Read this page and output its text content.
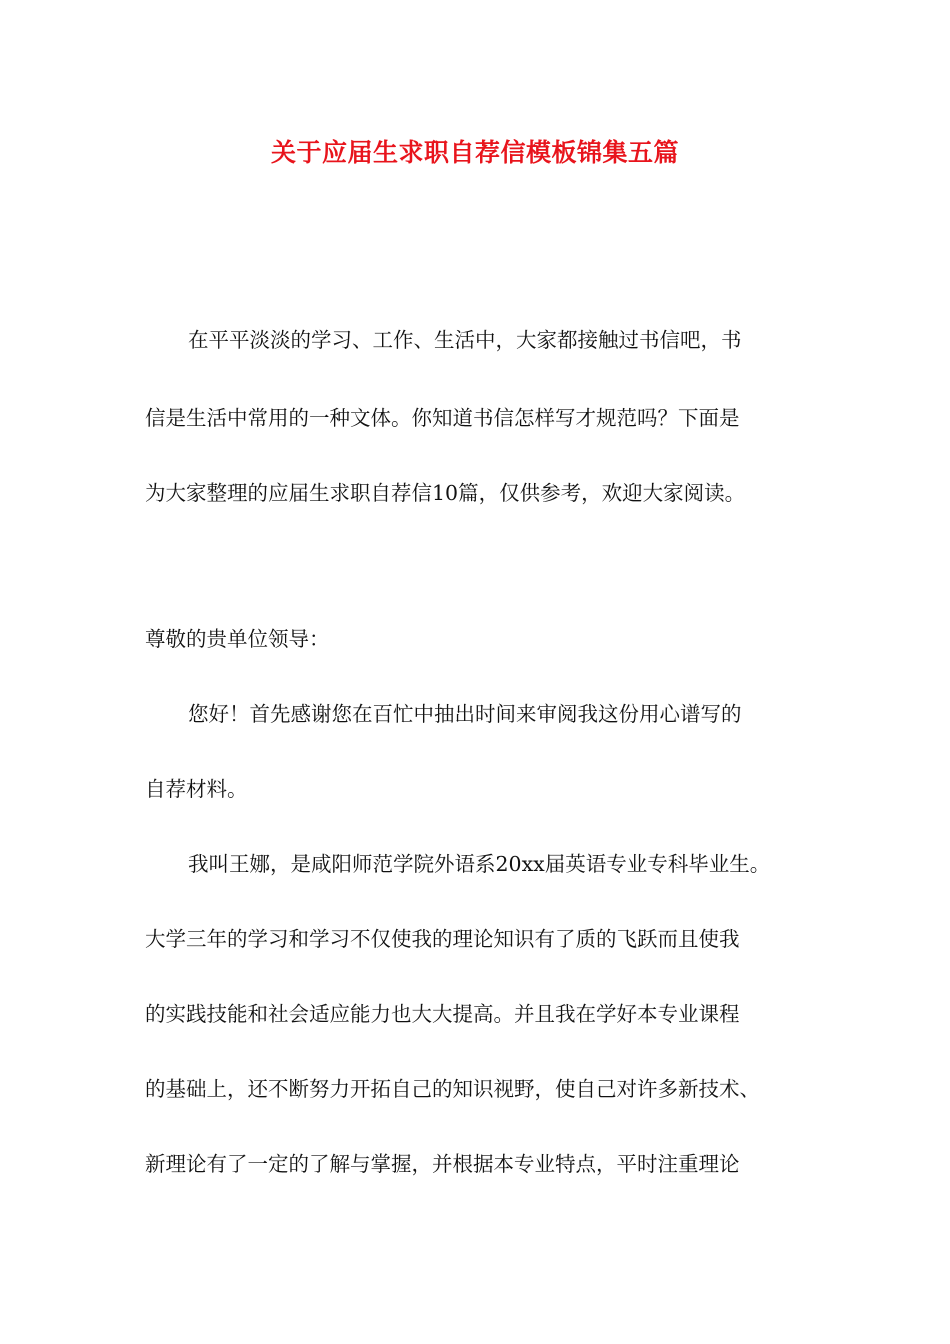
关于应届生求职自荐信模板锦集五篇
在平平淡淡的学习、工作、生活中，大家都接触过书信吧，书
信是生活中常用的一种文体。你知道书信怎样写才规范吗？下面是
为大家整理的应届生求职自荐信10篇，仅供参考，欢迎大家阅读。
尊敬的贵单位领导：
您好！首先感谢您在百忙中抽出时间来审阅我这份用心谱写的
自荐材料。
我叫王娜，是咸阳师范学院外语系20xx届英语专业专科毕业生。
大学三年的学习和学习不仅使我的理论知识有了质的飞跃而且使我
的实践技能和社会适应能力也大大提高。并且我在学好本专业课程
的基础上，还不断努力开拓自己的知识视野，使自己对许多新技术、
新理论有了一定的了解与掌握，并根据本专业特点，平时注重理论
